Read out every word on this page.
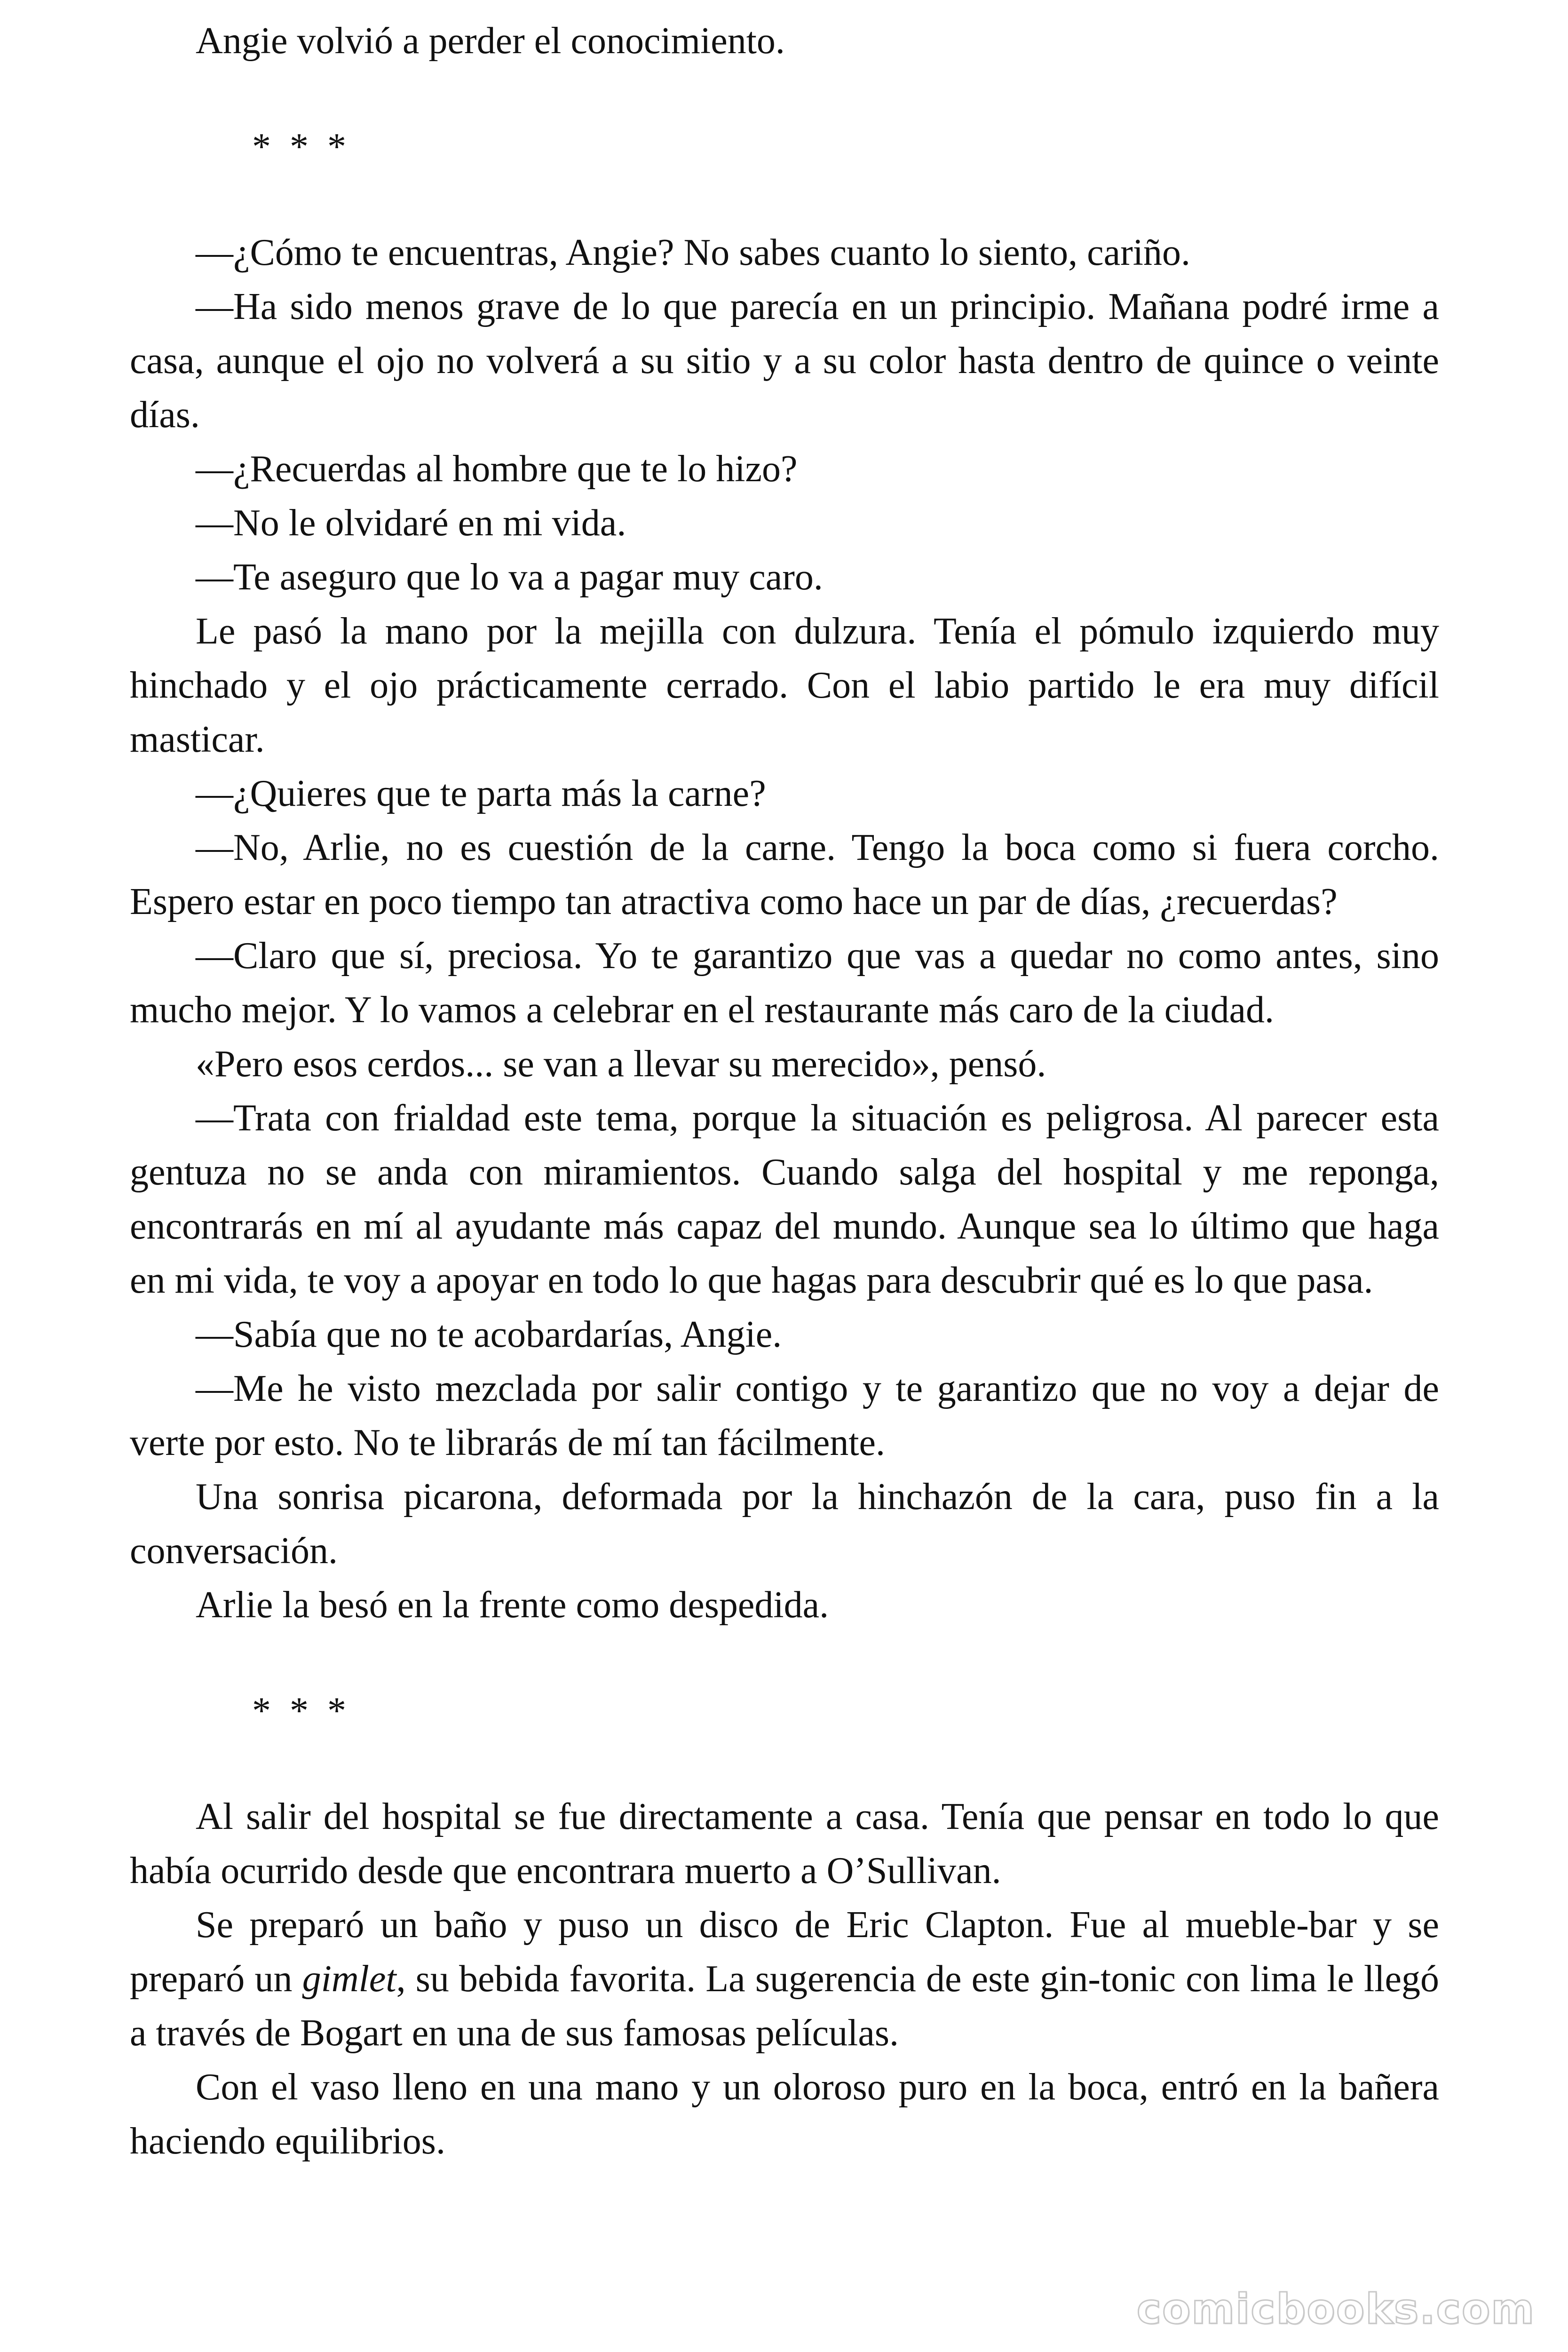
Angie volvió a perder el conocimiento.

* * *

—¿Cómo te encuentras, Angie? No sabes cuanto lo siento, cariño.

—Ha sido menos grave de lo que parecía en un principio. Mañana podré irme a casa, aunque el ojo no volverá a su sitio y a su color hasta dentro de quince o veinte días.

—¿Recuerdas al hombre que te lo hizo?

—No le olvidaré en mi vida.

—Te aseguro que lo va a pagar muy caro.

Le pasó la mano por la mejilla con dulzura. Tenía el pómulo izquierdo muy hinchado y el ojo prácticamente cerrado. Con el labio partido le era muy difícil masticar.

—¿Quieres que te parta más la carne?

—No, Arlie, no es cuestión de la carne. Tengo la boca como si fuera corcho. Espero estar en poco tiempo tan atractiva como hace un par de días, ¿recuerdas?

—Claro que sí, preciosa. Yo te garantizo que vas a quedar no como antes, sino mucho mejor. Y lo vamos a celebrar en el restaurante más caro de la ciudad.

«Pero esos cerdos... se van a llevar su merecido», pensó.

—Trata con frialdad este tema, porque la situación es peligrosa. Al parecer esta gentuza no se anda con miramientos. Cuando salga del hospital y me reponga, encontrarás en mí al ayudante más capaz del mundo. Aunque sea lo último que haga en mi vida, te voy a apoyar en todo lo que hagas para descubrir qué es lo que pasa.

—Sabía que no te acobardarías, Angie.

—Me he visto mezclada por salir contigo y te garantizo que no voy a dejar de verte por esto. No te librarás de mí tan fácilmente.

Una sonrisa picarona, deformada por la hinchazón de la cara, puso fin a la conversación.

Arlie la besó en la frente como despedida.

* * *

Al salir del hospital se fue directamente a casa. Tenía que pensar en todo lo que había ocurrido desde que encontrara muerto a O’Sullivan.

Se preparó un baño y puso un disco de Eric Clapton. Fue al mueble-bar y se preparó un gimlet, su bebida favorita. La sugerencia de este gin-tonic con lima le llegó a través de Bogart en una de sus famosas películas.

Con el vaso lleno en una mano y un oloroso puro en la boca, entró en la bañera haciendo equilibrios.

comicbooks.com
